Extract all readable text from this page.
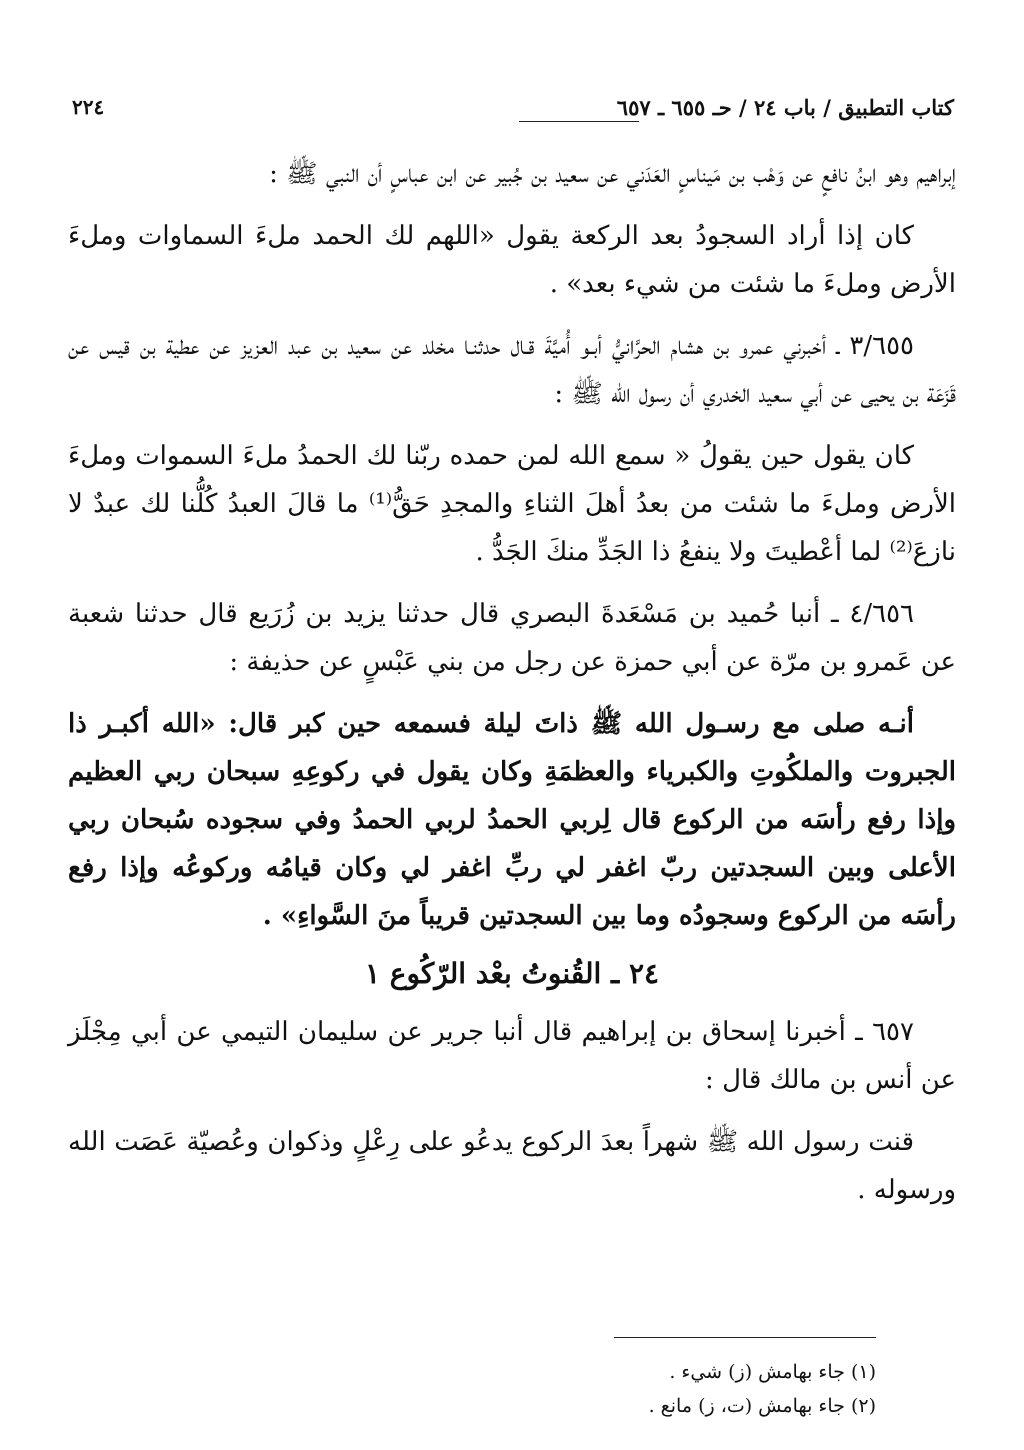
٢٢٤	كتاب التطبيق / باب ٢٤ / حـ ٦٥٥ ـ ٦٥٧

إبراهيم وهو ابنُ نافعٍ عن وَهْب بن مَيناسٍ العَدَني عن سعيد بن جُبير عن ابن عباسٍ أن النبي ﷺ :

كان إذا أراد السجودُ بعد الركعة يقول «اللهم لك الحمد ملءَ السماوات وملءَ الأرض وملءَ ما شئت من شيء بعد» .

٣/٦٥٥ ـ أخبرني عمرو بن هشام الحرَّانيُّ أبـو أُميَّةَ قـال حدثنـا مخلد عن سعيد بن عبد العزيز عن عطية بن قيس عن قَزَعَة بن يحيى عن أبي سعيد الخدري أن رسول الله ﷺ :

كان يقول حين يقولُ « سمع الله لمن حمده ربّنا لك الحمدُ ملءَ السموات وملءَ الأرض وملءَ ما شئت من بعدُ أهلَ الثناءِ والمجدِ حَقُّ⁽¹⁾ ما قالَ العبدُ كُلُّنا لك عبدٌ لا نازعَ⁽²⁾ لما أعْطيتَ ولا ينفعُ ذا الجَدِّ منكَ الجَدُّ .

٤/٦٥٦ ـ أنبا حُميد بن مَسْعَدةَ البصري قال حدثنا يزيد بن زُرَيع قال حدثنا شعبة عن عَمرو بن مرّة عن أبي حمزة عن رجل من بني عَبْسٍ عن حذيفة :

أنـه صلى مع رسـول الله ﷺ ذاتَ ليلة فسمعه حين كبر قال: «الله أكبـر ذا الجبروت والملكُوتِ والكبرياء والعظمَةِ وكان يقول في ركوعِهِ سبحان ربي العظيم وإذا رفع رأسَه من الركوع قال لِربي الحمدُ لربي الحمدُ وفي سجوده سُبحان ربي الأعلى وبين السجدتين ربّ اغفر لي ربِّ اغفر لي وكان قيامُه وركوعُه وإذا رفع رأسَه من الركوع وسجودُه وما بين السجدتين قريباً منَ السَّواءِ» .

٢٤ ـ القُنوتُ بعْد الرّكُوع ١

٦٥٧ ـ أخبرنا إسحاق بن إبراهيم قال أنبا جرير عن سليمان التيمي عن أبي مِجْلَز عن أنس بن مالك قال :

قنت رسول الله ﷺ شهراً بعدَ الركوع يدعُو على رِعْلٍ وذكوان وعُصيّة عَصَت الله ورسوله .

(١) جاء بهامش (ز) شيء .
(٢) جاء بهامش (ت، ز) مانع .
